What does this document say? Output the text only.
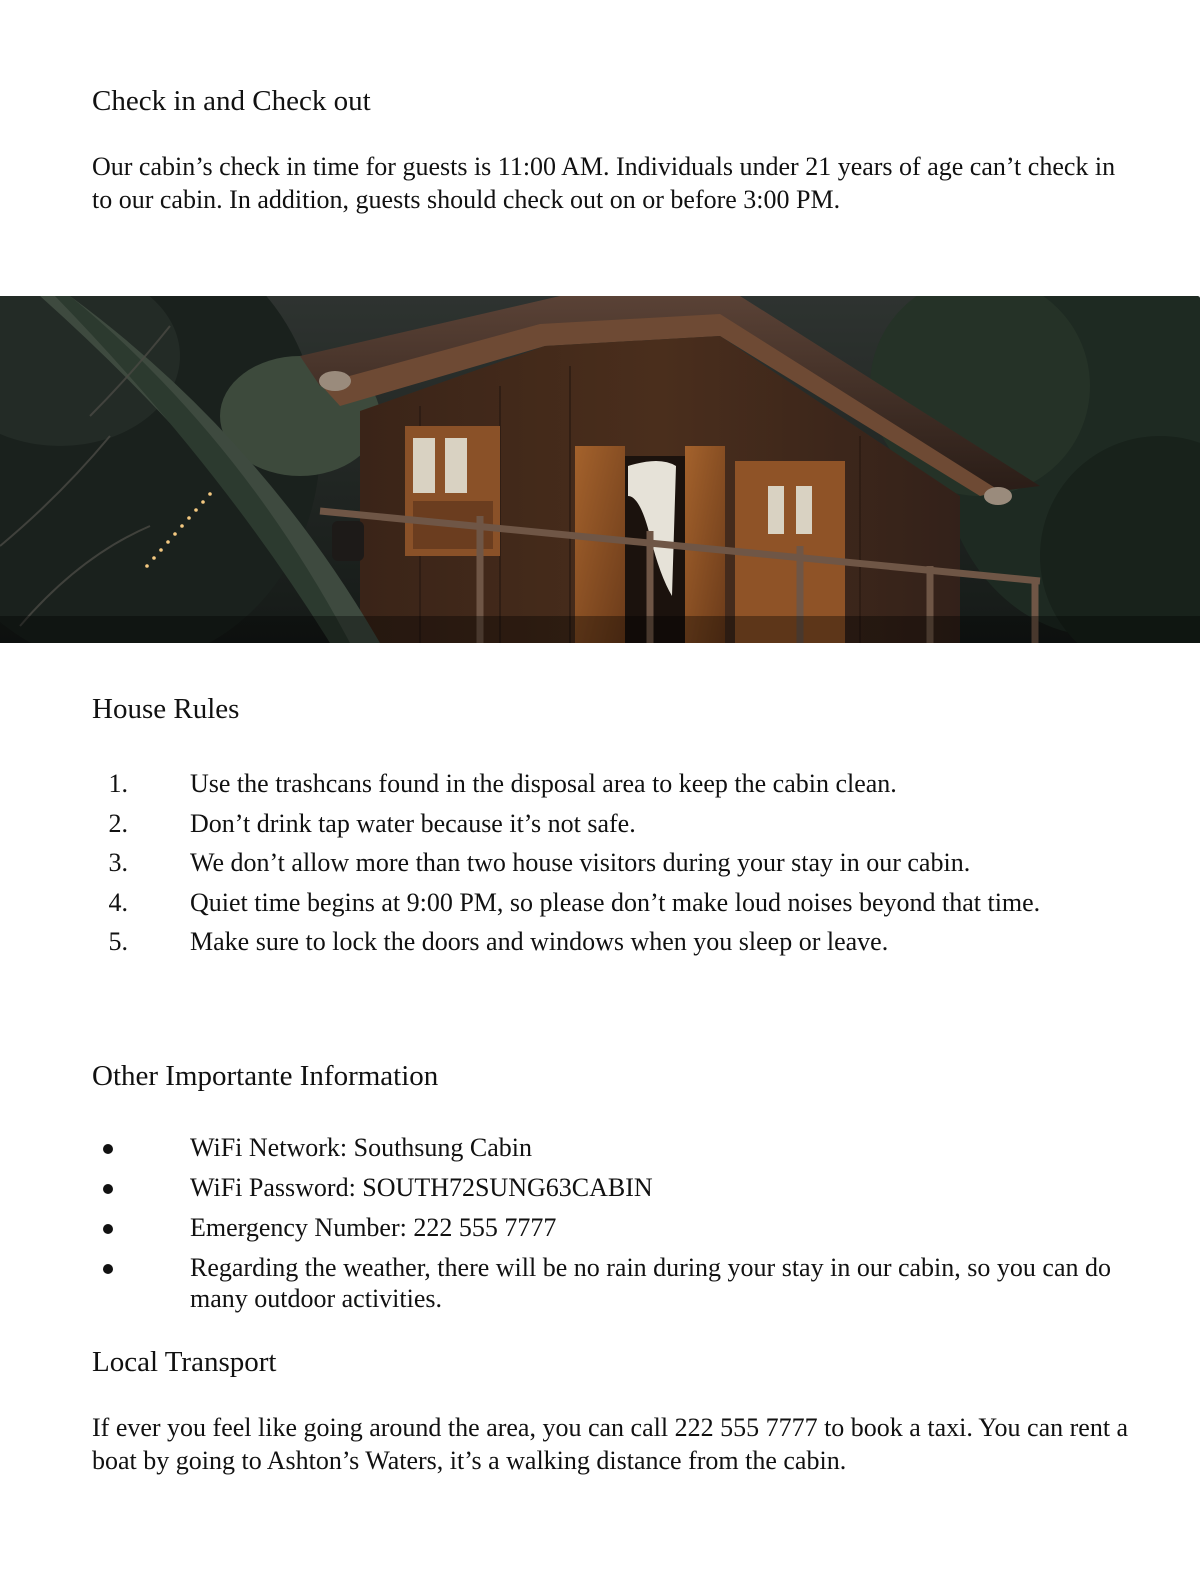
Check in and Check out

Our cabin’s check in time for guests is 11:00 AM. Individuals under 21 years of age can’t check in to our cabin. In addition, guests should check out on or before 3:00 PM.

House Rules
1. Use the trashcans found in the disposal area to keep the cabin clean.
2. Don’t drink tap water because it’s not safe.
3. We don’t allow more than two house visitors during your stay in our cabin.
4. Quiet time begins at 9:00 PM, so please don’t make loud noises beyond that time.
5. Make sure to lock the doors and windows when you sleep or leave.
Other Importante Information
WiFi Network: Southsung Cabin
WiFi Password: SOUTH72SUNG63CABIN
Emergency Number: 222 555 7777
Regarding the weather, there will be no rain during your stay in our cabin, so you can do many outdoor activities.
Local Transport

If ever you feel like going around the area, you can call 222 555 7777 to book a taxi. You can rent a boat by going to Ashton’s Waters, it’s a walking distance from the cabin.
